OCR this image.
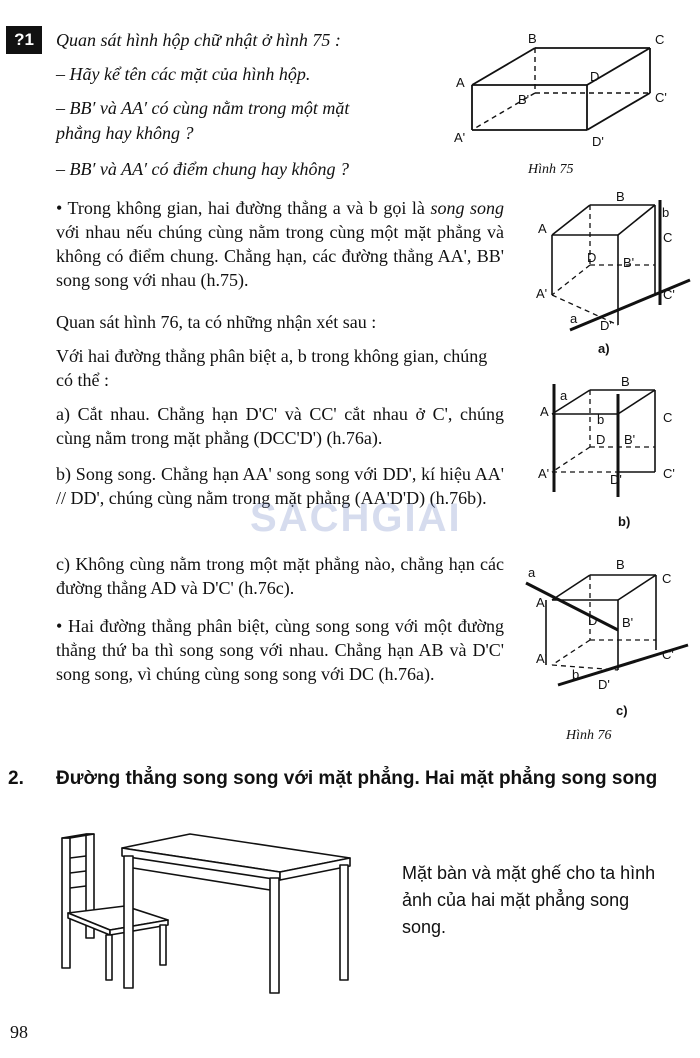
?1	Quan sát hình hộp chữ nhật ở hình 75 :
– Hãy kể tên các mặt của hình hộp.
– BB′ và AA′ có cùng nằm trong một mặt
phẳng hay không ?
– BB′ và AA′ có điểm chung hay không ?
B	C
A	D
B'	C'
A'	D'
Hình 75
• Trong không gian, hai đường thẳng a và b gọi là song song với nhau nếu chúng cùng nằm trong cùng một mặt phẳng và không có điểm chung. Chẳng hạn, các đường thẳng AA', BB' song song với nhau (h.75).
Quan sát hình 76, ta có những nhận xét sau :
Với hai đường thẳng phân biệt a, b trong không gian, chúng có thể :
a) Cắt nhau. Chẳng hạn D'C' và CC' cắt nhau ở C', chúng cùng nằm trong mặt phẳng (DCC'D') (h.76a).
b) Song song. Chẳng hạn AA' song song với DD', kí hiệu AA' // DD', chúng cùng nằm trong mặt phẳng (AA'D'D) (h.76b).
c) Không cùng nằm trong một mặt phẳng nào, chẳng hạn các đường thẳng AD và D'C' (h.76c).
• Hai đường thẳng phân biệt, cùng song song với một đường thẳng thứ ba thì song song với nhau. Chẳng hạn AB và D'C' song song, vì chúng cùng song song với DC (h.76a).
SACHGIAI
B
b
C
A
D B'
A'	C'
D'
a
a)
a
B
A
b	C
D B'
A'	C'
D'
b)
a
B
C
A
D B'
A'	C'
D'
b
c)
Hình 76
2. Đường thẳng song song với mặt phẳng. Hai mặt phẳng song song
Mặt bàn và mặt ghế cho ta hình ảnh của hai mặt phẳng song song.
98
